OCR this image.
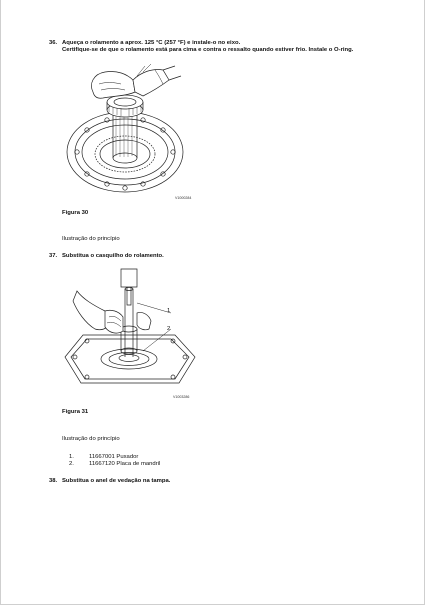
36. Aqueça o rolamento a aprox. 125 °C (257 °F) e instale-o no eixo.
Certifique-se de que o rolamento está para cima e contra o ressalto quando estiver frio. Instale o O-ring.
V1000284
Figura 30
Ilustração do princípio
37. Substitua o casquilho do rolamento.
1
2
V1003286
Figura 31
Ilustração do princípio
1.	11667001 Puxador
2.	11667120 Placa de mandril
38. Substitua o anel de vedação na tampa.
